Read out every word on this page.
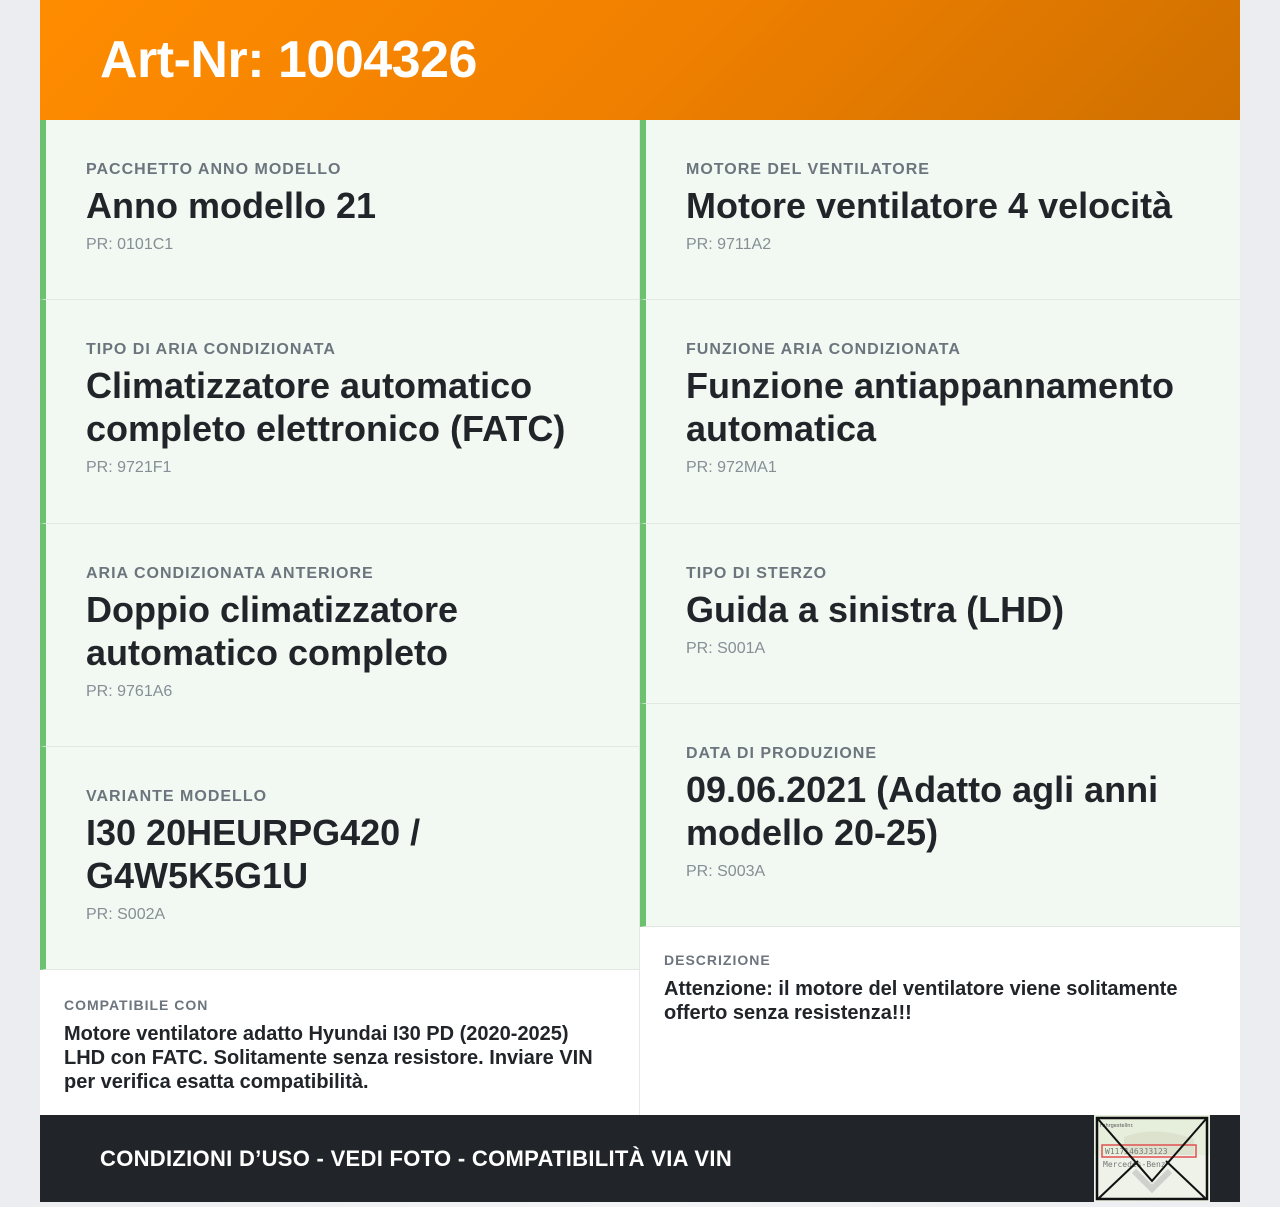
Art-Nr: 1004326
PACCHETTO ANNO MODELLO
Anno modello 21
PR: 0101C1
TIPO DI ARIA CONDIZIONATA
Climatizzatore automatico completo elettronico (FATC)
PR: 9721F1
ARIA CONDIZIONATA ANTERIORE
Doppio climatizzatore automatico completo
PR: 9761A6
VARIANTE MODELLO
I30 20HEURPG420 / G4W5K5G1U
PR: S002A
COMPATIBILE CON
Motore ventilatore adatto Hyundai I30 PD (2020-2025) LHD con FATC. Solitamente senza resistore. Inviare VIN per verifica esatta compatibilità.
MOTORE DEL VENTILATORE
Motore ventilatore 4 velocità
PR: 9711A2
FUNZIONE ARIA CONDIZIONATA
Funzione antiappannamento automatica
PR: 972MA1
TIPO DI STERZO
Guida a sinistra (LHD)
PR: S001A
DATA DI PRODUZIONE
09.06.2021 (Adatto agli anni modello 20-25)
PR: S003A
DESCRIZIONE
Attenzione: il motore del ventilatore viene solitamente offerto senza resistenza!!!
CONDIZIONI D’USO - VEDI FOTO - COMPATIBILITÀ VIA VIN
Fahrgestellnr.
W1171463J3123
Mercedes-Benz
